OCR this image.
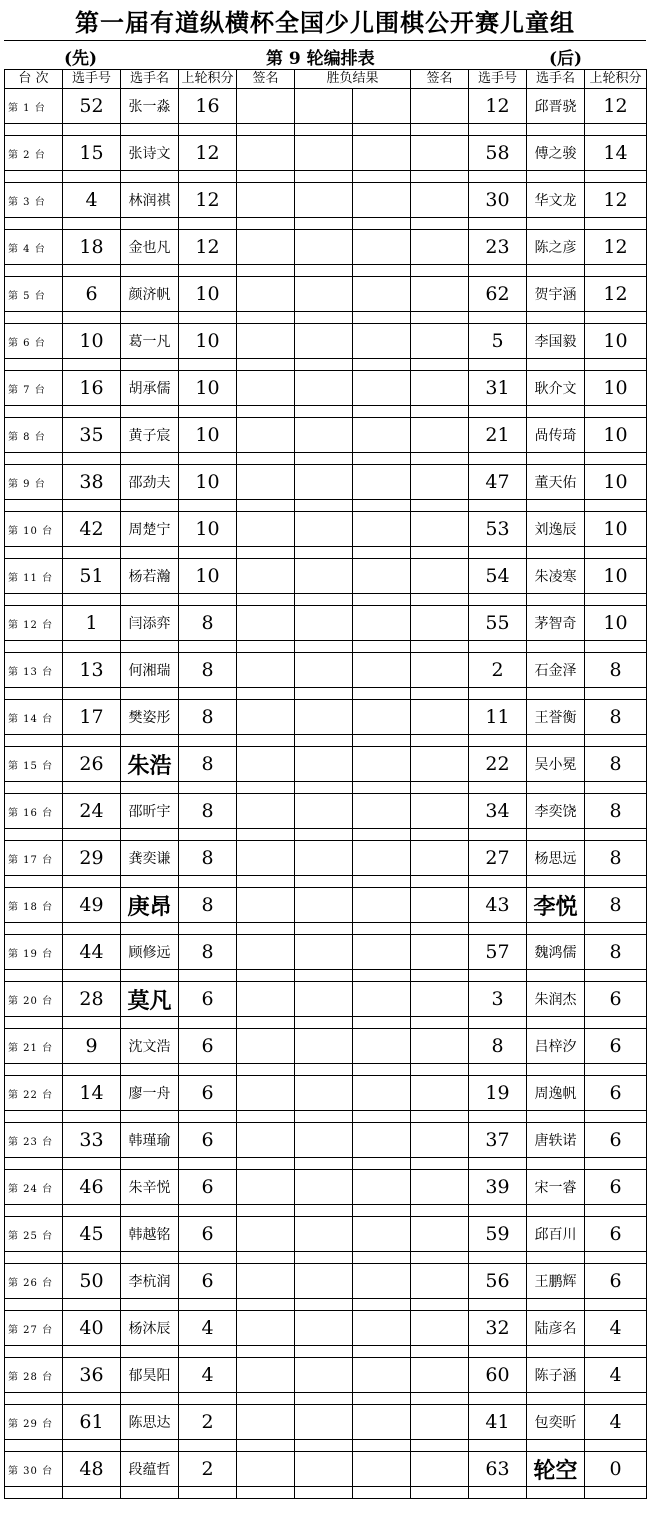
第一届有道纵横杯全国少儿围棋公开赛儿童组
(先)	第 9 轮编排表	(后)
台 次	选手号	选手名	上轮积分	签名	胜负结果		签名	选手号	选手名	上轮积分
第 1 台	52	张一淼	16					12	邱晋骁	12

第 2 台	15	张诗文	12					58	傅之骏	14

第 3 台	4	林润祺	12					30	华文龙	12

第 4 台	18	金也凡	12					23	陈之彦	12

第 5 台	6	颜济帆	10					62	贺宇涵	12

第 6 台	10	葛一凡	10					5	李国毅	10

第 7 台	16	胡承儒	10					31	耿介文	10

第 8 台	35	黄子宸	10					21	咼传琦	10

第 9 台	38	邵劲夫	10					47	董天佑	10

第 10 台	42	周楚宁	10					53	刘逸辰	10

第 11 台	51	杨若瀚	10					54	朱凌寒	10

第 12 台	1	闫添弈	8					55	茅智奇	10

第 13 台	13	何湘瑞	8					2	石金泽	8

第 14 台	17	樊姿彤	8					11	王誉衡	8

第 15 台	26	朱浩	8					22	吴小冕	8

第 16 台	24	邵昕宇	8					34	李奕饶	8

第 17 台	29	龚奕谦	8					27	杨思远	8

第 18 台	49	庚昂	8					43	李悦	8

第 19 台	44	顾修远	8					57	魏鸿儒	8

第 20 台	28	莫凡	6					3	朱润杰	6

第 21 台	9	沈文浩	6					8	吕梓汐	6

第 22 台	14	廖一舟	6					19	周逸帆	6

第 23 台	33	韩瑾瑜	6					37	唐轶诺	6

第 24 台	46	朱辛悦	6					39	宋一睿	6

第 25 台	45	韩越铭	6					59	邱百川	6

第 26 台	50	李杭润	6					56	王鹏辉	6

第 27 台	40	杨沐辰	4					32	陆彦名	4

第 28 台	36	郁昊阳	4					60	陈子涵	4

第 29 台	61	陈思达	2					41	包奕昕	4

第 30 台	48	段蕴哲	2					63	轮空	0
